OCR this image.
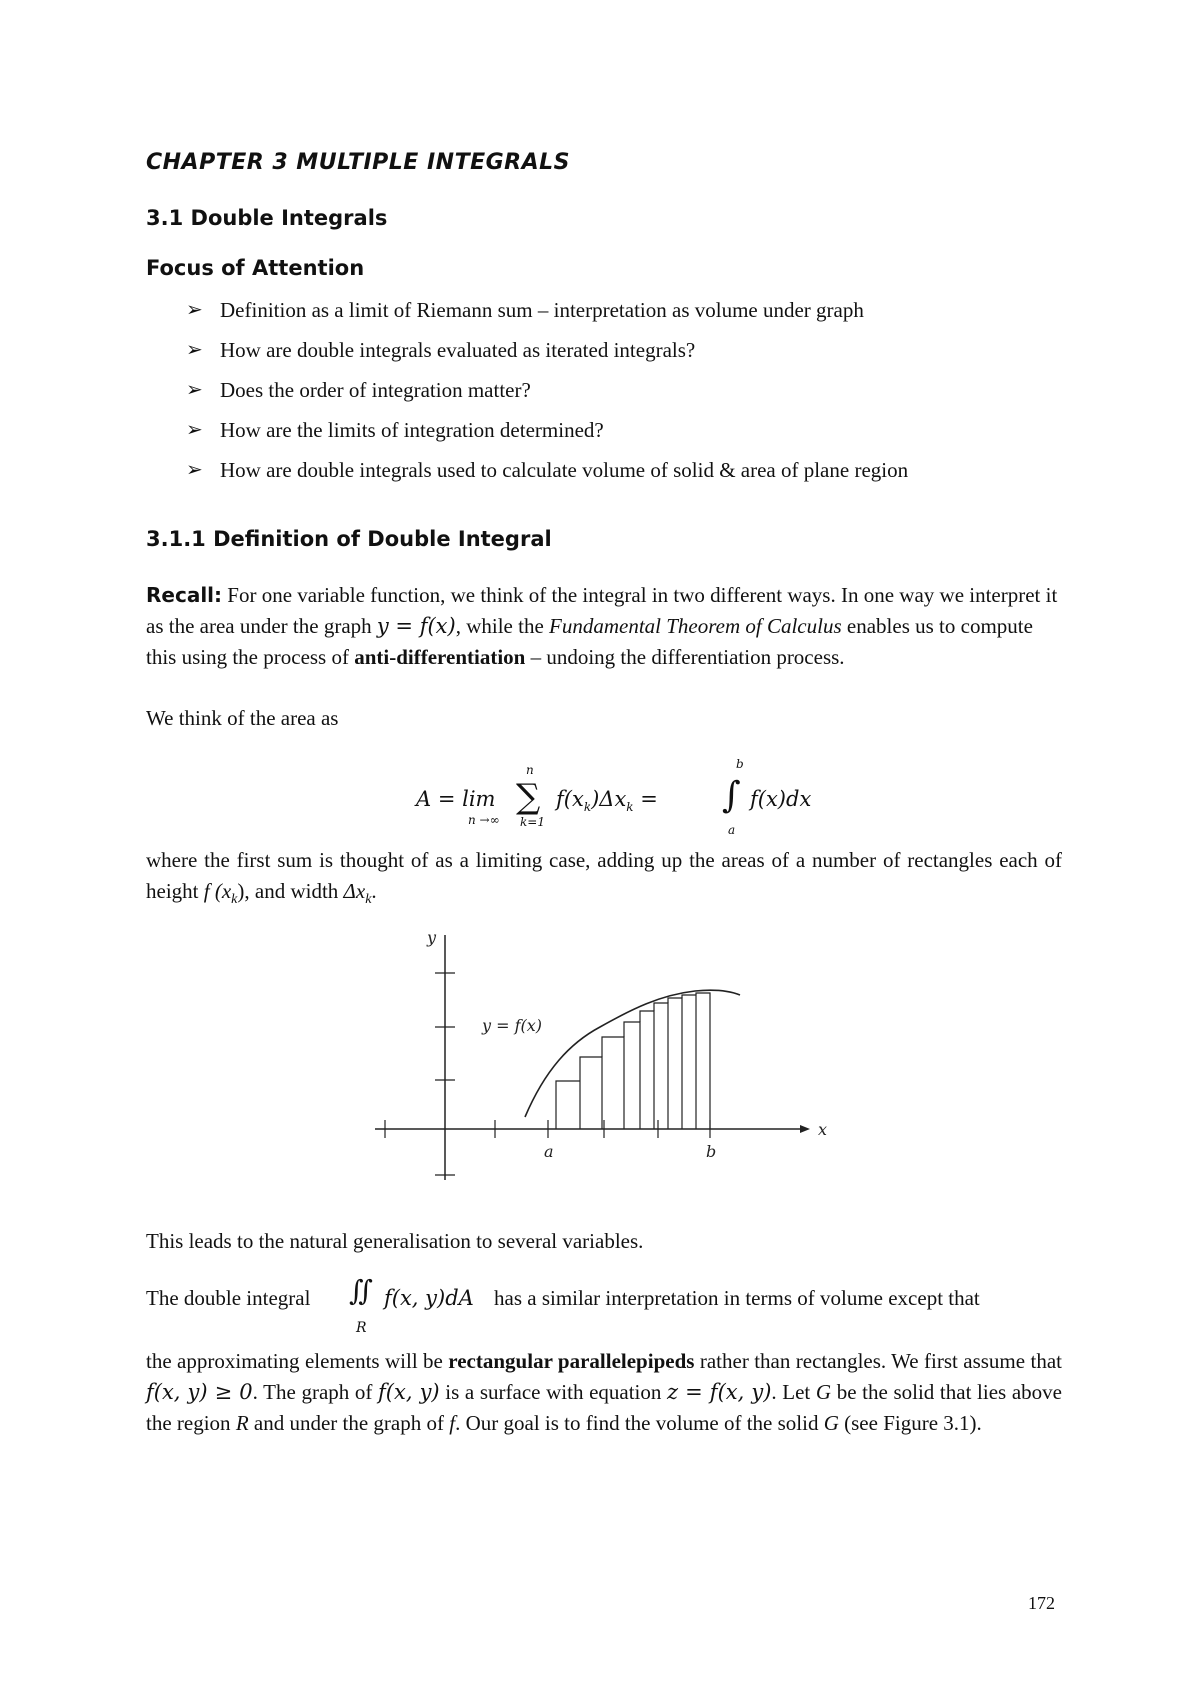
CHAPTER 3 MULTIPLE INTEGRALS
3.1 Double Integrals
Focus of Attention
➢ Definition as a limit of Riemann sum – interpretation as volume under graph
➢ How are double integrals evaluated as iterated integrals?
➢ Does the order of integration matter?
➢ How are the limits of integration determined?
➢ How are double integrals used to calculate volume of solid & area of plane region
3.1.1 Definition of Double Integral
Recall: For one variable function, we think of the integral in two different ways. In one way we interpret it as the area under the graph y = f(x), while the Fundamental Theorem of Calculus enables us to compute this using the process of anti-differentiation – undoing the differentiation process.
We think of the area as
A = lim
n →∞
n
∑
k=1
$f(x_k)\Delta x_k$ =
b
∫
a
f(x)dx
where the first sum is thought of as a limiting case, adding up the areas of a number of rectangles each of height f $(x_k)$, and width $\Delta x_k$.
y
x
y = f(x)
a	b
This leads to the natural generalisation to several variables.
The double integral ∬
R
f(x, y)dA has a similar interpretation in terms of volume except that
the approximating elements will be rectangular parallelepipeds rather than rectangles. We first assume that f(x, y) ≥ 0. The graph of f(x, y) is a surface with equation z = f(x, y). Let G be the solid that lies above the region R and under the graph of f. Our goal is to find the volume of the solid G (see Figure 3.1).
172
